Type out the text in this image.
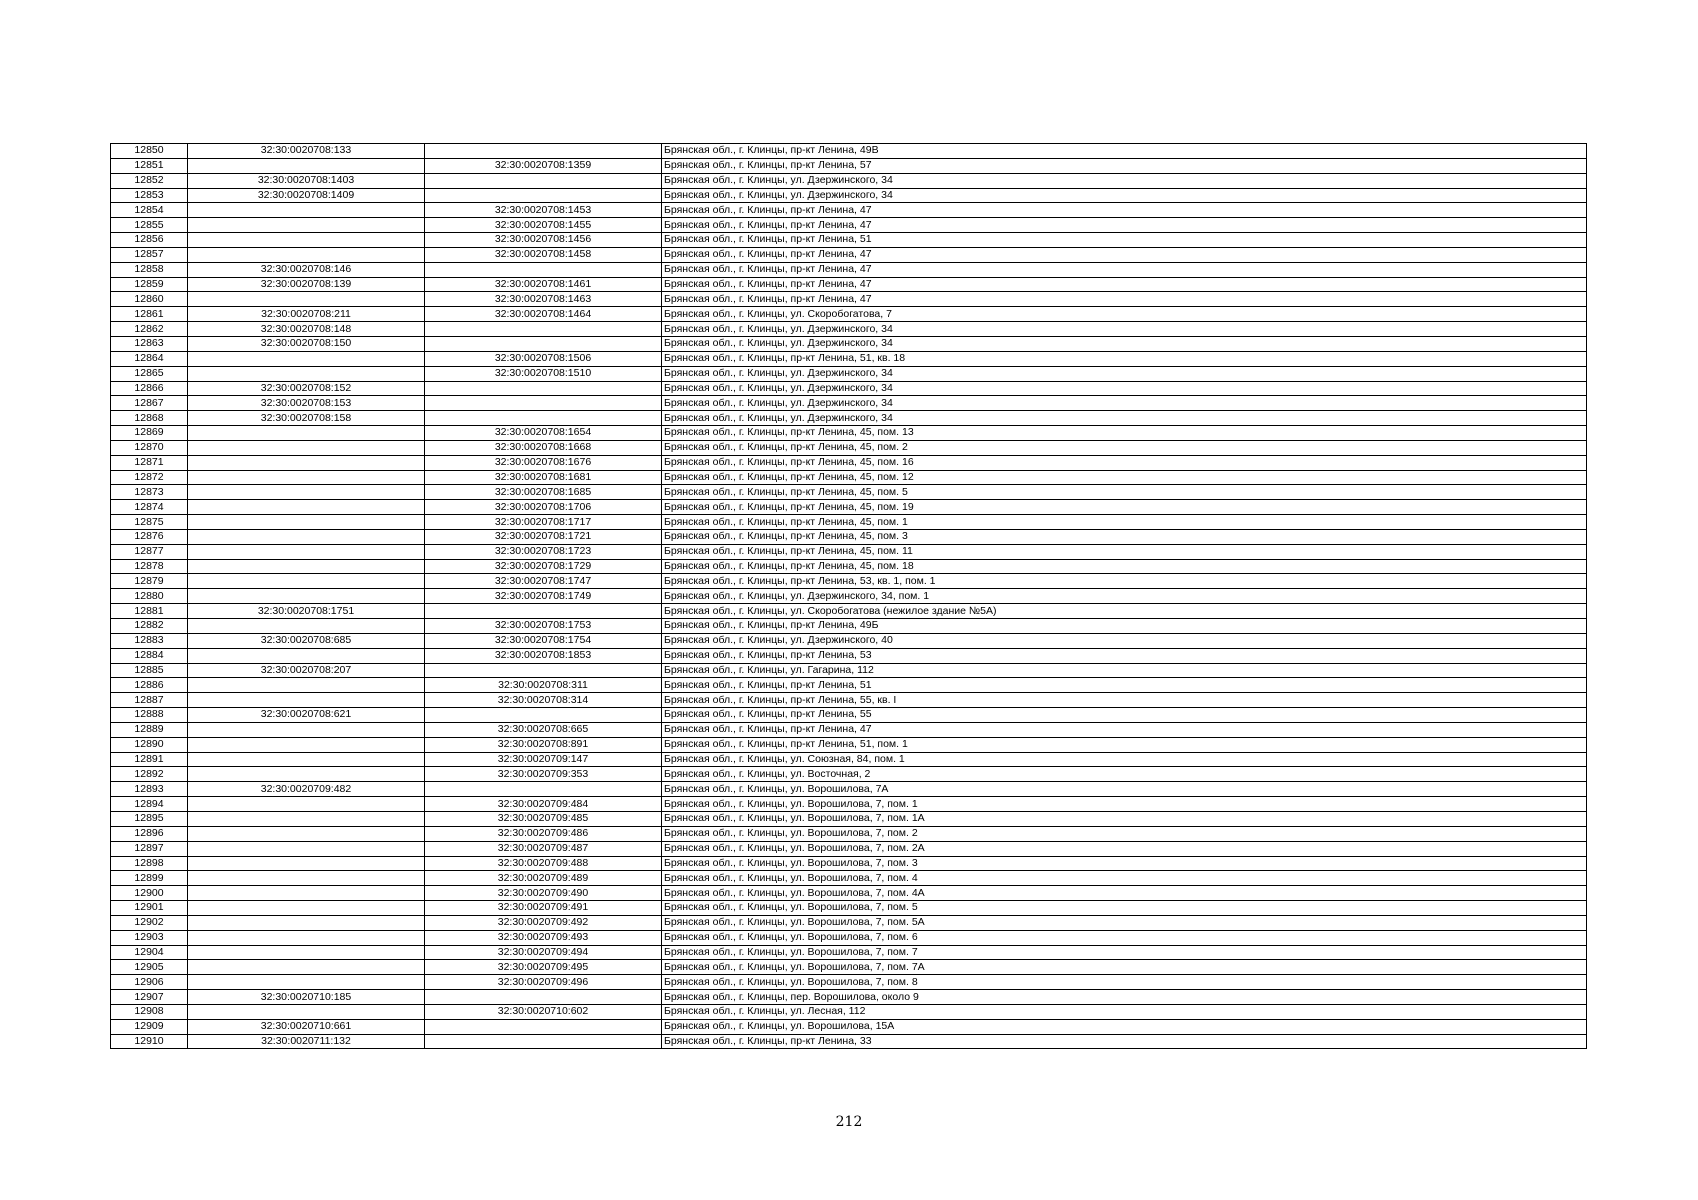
12850	32:30:0020708:133		Брянская обл., г. Клинцы, пр-кт Ленина, 49В
12851		32:30:0020708:1359	Брянская обл., г. Клинцы, пр-кт Ленина, 57
12852	32:30:0020708:1403		Брянская обл., г. Клинцы, ул. Дзержинского, 34
12853	32:30:0020708:1409		Брянская обл., г. Клинцы, ул. Дзержинского, 34
12854		32:30:0020708:1453	Брянская обл., г. Клинцы, пр-кт Ленина, 47
12855		32:30:0020708:1455	Брянская обл., г. Клинцы, пр-кт Ленина, 47
12856		32:30:0020708:1456	Брянская обл., г. Клинцы, пр-кт Ленина, 51
12857		32:30:0020708:1458	Брянская обл., г. Клинцы, пр-кт Ленина, 47
12858	32:30:0020708:146		Брянская обл., г. Клинцы, пр-кт Ленина, 47
12859	32:30:0020708:139	32:30:0020708:1461	Брянская обл., г. Клинцы, пр-кт Ленина, 47
12860		32:30:0020708:1463	Брянская обл., г. Клинцы, пр-кт Ленина, 47
12861	32:30:0020708:211	32:30:0020708:1464	Брянская обл., г. Клинцы, ул. Скоробогатова, 7
12862	32:30:0020708:148		Брянская обл., г. Клинцы, ул. Дзержинского, 34
12863	32:30:0020708:150		Брянская обл., г. Клинцы, ул. Дзержинского, 34
12864		32:30:0020708:1506	Брянская обл., г. Клинцы, пр-кт Ленина, 51, кв. 18
12865		32:30:0020708:1510	Брянская обл., г. Клинцы, ул. Дзержинского, 34
12866	32:30:0020708:152		Брянская обл., г. Клинцы, ул. Дзержинского, 34
12867	32:30:0020708:153		Брянская обл., г. Клинцы, ул. Дзержинского, 34
12868	32:30:0020708:158		Брянская обл., г. Клинцы, ул. Дзержинского, 34
12869		32:30:0020708:1654	Брянская обл., г. Клинцы, пр-кт Ленина, 45, пом. 13
12870		32:30:0020708:1668	Брянская обл., г. Клинцы, пр-кт Ленина, 45, пом. 2
12871		32:30:0020708:1676	Брянская обл., г. Клинцы, пр-кт Ленина, 45, пом. 16
12872		32:30:0020708:1681	Брянская обл., г. Клинцы, пр-кт Ленина, 45, пом. 12
12873		32:30:0020708:1685	Брянская обл., г. Клинцы, пр-кт Ленина, 45, пом. 5
12874		32:30:0020708:1706	Брянская обл., г. Клинцы, пр-кт Ленина, 45, пом. 19
12875		32:30:0020708:1717	Брянская обл., г. Клинцы, пр-кт Ленина, 45, пом. 1
12876		32:30:0020708:1721	Брянская обл., г. Клинцы, пр-кт Ленина, 45, пом. 3
12877		32:30:0020708:1723	Брянская обл., г. Клинцы, пр-кт Ленина, 45, пом. 11
12878		32:30:0020708:1729	Брянская обл., г. Клинцы, пр-кт Ленина, 45, пом. 18
12879		32:30:0020708:1747	Брянская обл., г. Клинцы, пр-кт Ленина, 53, кв. 1, пом. 1
12880		32:30:0020708:1749	Брянская обл., г. Клинцы, ул. Дзержинского, 34, пом. 1
12881	32:30:0020708:1751		Брянская обл., г. Клинцы, ул. Скоробогатова (нежилое здание №5А)
12882		32:30:0020708:1753	Брянская обл., г. Клинцы, пр-кт Ленина, 49Б
12883	32:30:0020708:685	32:30:0020708:1754	Брянская обл., г. Клинцы, ул. Дзержинского, 40
12884		32:30:0020708:1853	Брянская обл., г. Клинцы, пр-кт Ленина, 53
12885	32:30:0020708:207		Брянская обл., г. Клинцы, ул. Гагарина, 112
12886		32:30:0020708:311	Брянская обл., г. Клинцы, пр-кт Ленина, 51
12887		32:30:0020708:314	Брянская обл., г. Клинцы, пр-кт Ленина, 55, кв. I
12888	32:30:0020708:621		Брянская обл., г. Клинцы, пр-кт Ленина, 55
12889		32:30:0020708:665	Брянская обл., г. Клинцы, пр-кт Ленина, 47
12890		32:30:0020708:891	Брянская обл., г. Клинцы, пр-кт Ленина, 51, пом. 1
12891		32:30:0020709:147	Брянская обл., г. Клинцы, ул. Союзная, 84, пом. 1
12892		32:30:0020709:353	Брянская обл., г. Клинцы, ул. Восточная, 2
12893	32:30:0020709:482		Брянская обл., г. Клинцы, ул. Ворошилова, 7А
12894		32:30:0020709:484	Брянская обл., г. Клинцы, ул. Ворошилова, 7, пом. 1
12895		32:30:0020709:485	Брянская обл., г. Клинцы, ул. Ворошилова, 7, пом. 1А
12896		32:30:0020709:486	Брянская обл., г. Клинцы, ул. Ворошилова, 7, пом. 2
12897		32:30:0020709:487	Брянская обл., г. Клинцы, ул. Ворошилова, 7, пом. 2А
12898		32:30:0020709:488	Брянская обл., г. Клинцы, ул. Ворошилова, 7, пом. 3
12899		32:30:0020709:489	Брянская обл., г. Клинцы, ул. Ворошилова, 7, пом. 4
12900		32:30:0020709:490	Брянская обл., г. Клинцы, ул. Ворошилова, 7, пом. 4А
12901		32:30:0020709:491	Брянская обл., г. Клинцы, ул. Ворошилова, 7, пом. 5
12902		32:30:0020709:492	Брянская обл., г. Клинцы, ул. Ворошилова, 7, пом. 5А
12903		32:30:0020709:493	Брянская обл., г. Клинцы, ул. Ворошилова, 7, пом. 6
12904		32:30:0020709:494	Брянская обл., г. Клинцы, ул. Ворошилова, 7, пом. 7
12905		32:30:0020709:495	Брянская обл., г. Клинцы, ул. Ворошилова, 7, пом. 7А
12906		32:30:0020709:496	Брянская обл., г. Клинцы, ул. Ворошилова, 7, пом. 8
12907	32:30:0020710:185		Брянская обл., г. Клинцы, пер. Ворошилова, около 9
12908		32:30:0020710:602	Брянская обл., г. Клинцы, ул. Лесная, 112
12909	32:30:0020710:661		Брянская обл., г. Клинцы, ул. Ворошилова, 15А
12910	32:30:0020711:132		Брянская обл., г. Клинцы, пр-кт Ленина, 33
212
